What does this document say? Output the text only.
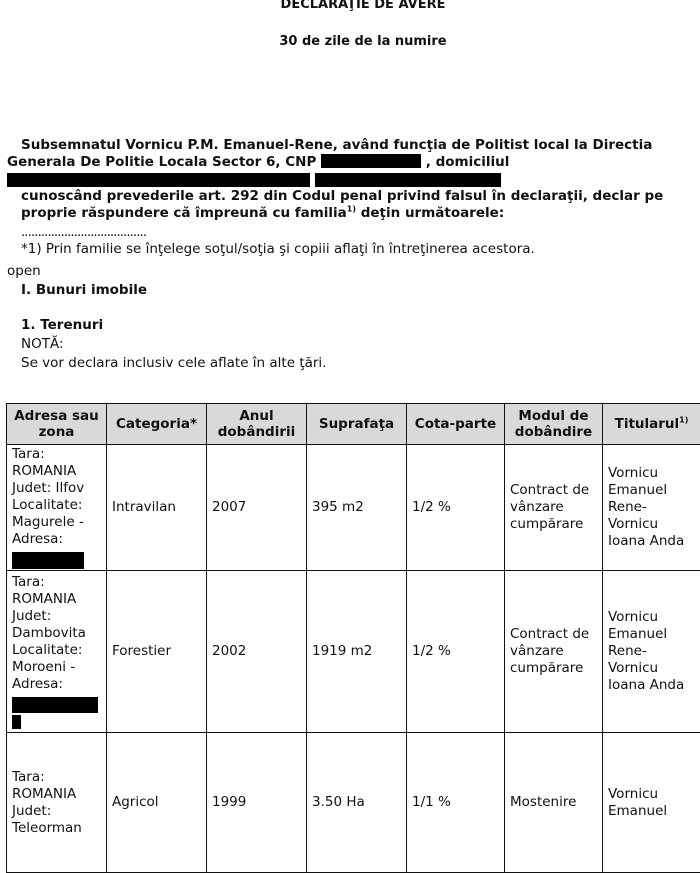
DECLARAŢIE DE AVERE
30 de zile de la numire
Subsemnatul Vornicu P.M. Emanuel-Rene, având funcţia de Politist local la Directia Generala De Politie Locala Sector 6, CNP	, domiciliul
cunoscând prevederile art. 292 din Codul penal privind falsul în declaraţii, declar pe proprie răspundere că împreună cu familia$^{1)}$ deţin următoarele:
......................................
*1) Prin familie se înţelege soţul/soţia şi copiii aflaţi în întreţinerea acestora.
open
I. Bunuri imobile
1. Terenuri
NOTĂ:
Se vor declara inclusiv cele aflate în alte ţări.
Adresa sau zona	Categoria*	Anul dobândirii	Suprafaţa	Cota-parte	Modul de dobândire	Titularul$^{1)}$

Tara: ROMANIA Judet: Ilfov Localitate: Magurele - Adresa:	Intravilan	2007	395 m2	1/2 %	Contract de vânzare cumpărare	Vornicu Emanuel Rene-Vornicu Ioana Anda

Tara: ROMANIA Judet: Dambovita Localitate: Moroeni - Adresa:	Forestier	2002	1919 m2	1/2 %	Contract de vânzare cumpărare	Vornicu Emanuel Rene-Vornicu Ioana Anda

Tara: ROMANIA Judet: Teleorman	Agricol	1999	3.50 Ha	1/1 %	Mostenire	Vornicu Emanuel
